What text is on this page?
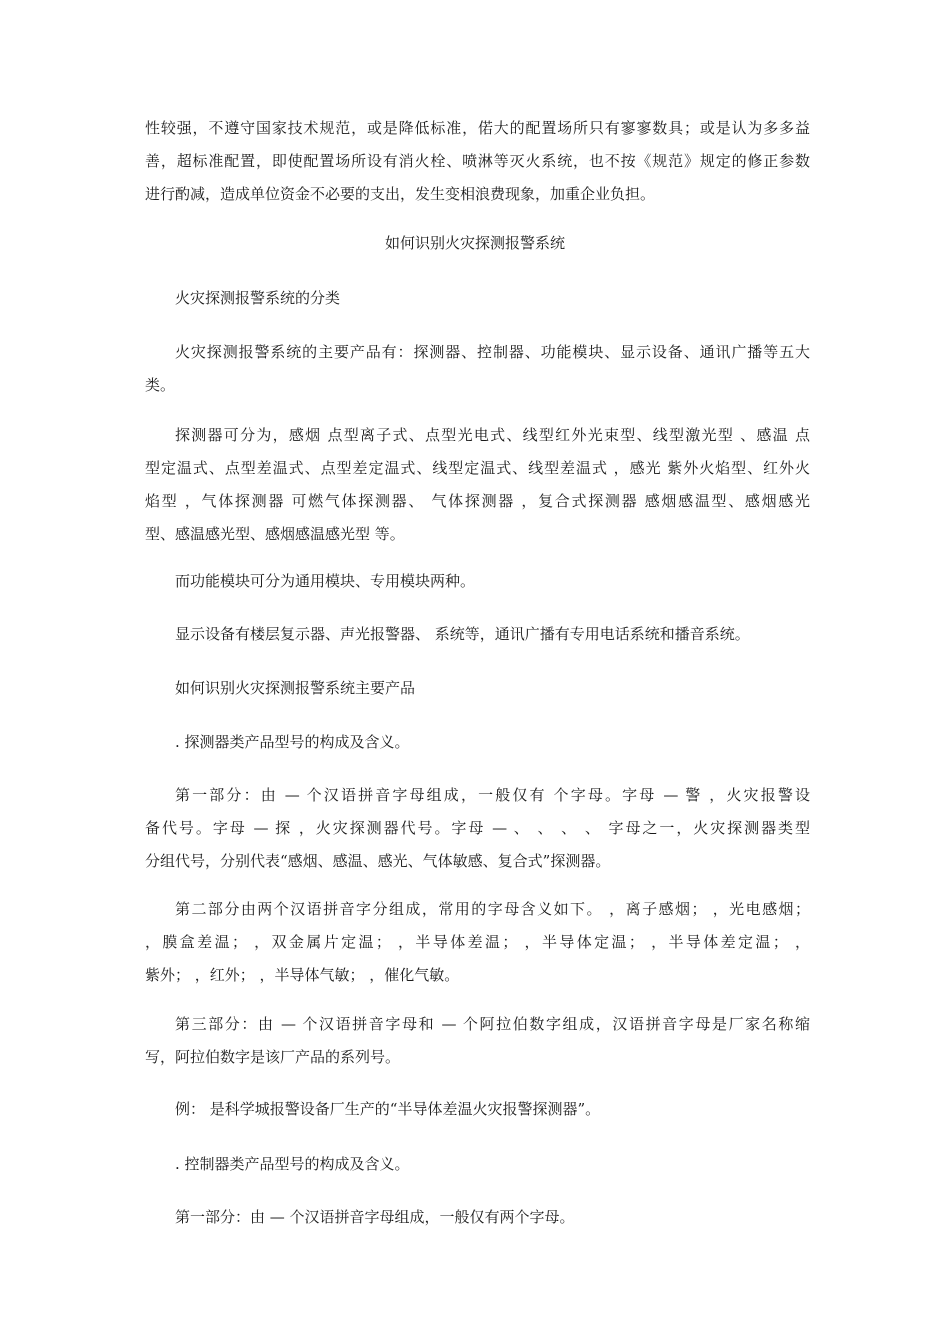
性较强，不遵守国家技术规范，或是降低标准，偌大的配置场所只有寥寥数具；或是认为多多益
善，超标准配置，即使配置场所设有消火栓、喷淋等灭火系统，也不按《规范》规定的修正参数
进行酌减，造成单位资金不必要的支出，发生变相浪费现象，加重企业负担。
如何识别火灾探测报警系统
火灾探测报警系统的分类
火灾探测报警系统的主要产品有：探测器、控制器、功能模块、显示设备、通讯广播等五大
类。
探测器可分为，感烟 点型离子式、点型光电式、线型红外光束型、线型激光型 、感温 点
型定温式、点型差温式、点型差定温式、线型定温式、线型差温式 ，感光 紫外火焰型、红外火
焰型 ，气体探测器 可燃气体探测器、 气体探测器 ，复合式探测器 感烟感温型、感烟感光
型、感温感光型、感烟感温感光型 等。
而功能模块可分为通用模块、专用模块两种。
显示设备有楼层复示器、声光报警器、 系统等，通讯广播有专用电话系统和播音系统。
如何识别火灾探测报警系统主要产品
. 探测器类产品型号的构成及含义。
第一部分：由 — 个汉语拼音字母组成，一般仅有 个字母。字母 — 警 ，火灾报警设
备代号。字母 — 探 ，火灾探测器代号。字母 — 、 、 、 、 字母之一，火灾探测器类型
分组代号，分别代表“感烟、感温、感光、气体敏感、复合式”探测器。
第二部分由两个汉语拼音字分组成，常用的字母含义如下。 ，离子感烟； ，光电感烟；
，膜盒差温； ，双金属片定温； ，半导体差温； ，半导体定温； ，半导体差定温； ，
紫外； ，红外； ，半导体气敏； ，催化气敏。
第三部分：由 — 个汉语拼音字母和 — 个阿拉伯数字组成，汉语拼音字母是厂家名称缩
写，阿拉伯数字是该厂产品的系列号。
例： 是科学城报警设备厂生产的“半导体差温火灾报警探测器”。
. 控制器类产品型号的构成及含义。
第一部分：由 — 个汉语拼音字母组成，一般仅有两个字母。
